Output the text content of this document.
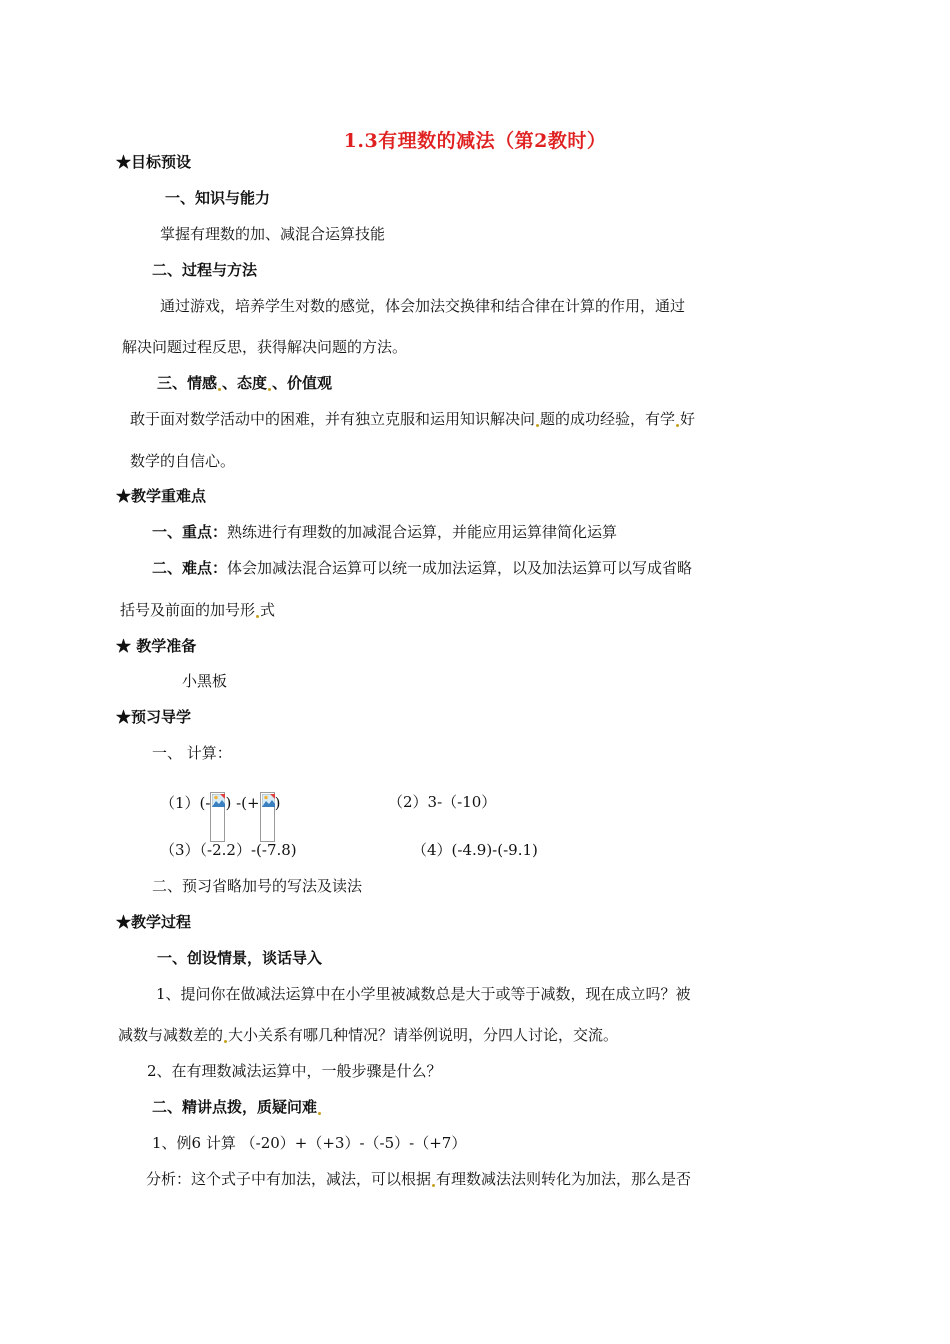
1.3有理数的减法（第2教时）
★目标预设
一、知识与能力
掌握有理数的加、减混合运算技能
二、过程与方法
通过游戏，培养学生对数的感觉，体会加法交换律和结合律在计算的作用，通过
解决问题过程反思，获得解决问题的方法。
三、情感 、态度 、价值观
敢于面对数学活动中的困难，并有独立克服和运用知识解决问 题的成功经验，有学 好
数学的自信心。
★教学重难点
一、重点：熟练进行有理数的加减混合运算，并能应用运算律简化运算
二、难点：体会加减法混合运算可以统一成加法运算，以及加法运算可以写成省略
括号及前面的加号形 式
★ 教学准备
小黑板
★预习导学
一、 计算：
（1）(- ) -(+ )	（2）3-（-10）
（3）（-2.2）-(-7.8)	（4）(-4.9)-(-9.1)
二、预习省略加号的写法及读法
★教学过程
一、创设情景，谈话导入
1、提问你在做减法运算中在小学里被减数总是大于或等于减数，现在成立吗？被
减数与减数差的 大小关系有哪几种情况？请举例说明，分四人讨论，交流。
2、在有理数减法运算中，一般步骤是什么？
二、精讲点拨，质疑问难
1、例6 计算 （-20）+（+3）-（-5）-（+7）
分析：这个式子中有加法，减法，可以根据 有理数减法法则转化为加法，那么是否
